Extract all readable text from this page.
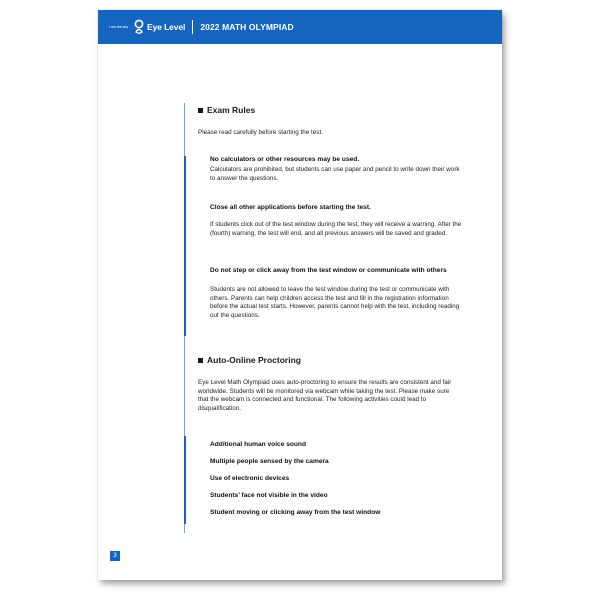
I am the key	Eye Level 2022 MATH OLYMPIAD
Exam Rules
Please read carefully before starting the test.
No calculators or other resources may be used.
Calculators are prohibited, but students can use paper and pencil to write down their work to answer the questions.
Close all other applications before starting the test.
If students click out of the test window during the test, they will receive a warning. After the (fourth) warning, the test will end, and all previous answers will be saved and graded.
Do not step or click away from the test window or communicate with others
Students are not allowed to leave the test window during the test or communicate with others. Parents can help children access the test and fill in the registration information before the actual test starts. However, parents cannot help with the test, including reading out the questions.
Auto-Online Proctoring
Eye Level Math Olympiad uses auto-proctoring to ensure the results are consistent and fair worldwide. Students will be monitored via webcam while taking the test. Please make sure that the webcam is connected and functional. The following activities could lead to disqualification.
Additional human voice sound
Multiple people sensed by the camera
Use of electronic devices
Students’ face not visible in the video
Student moving or clicking away from the test window
3
